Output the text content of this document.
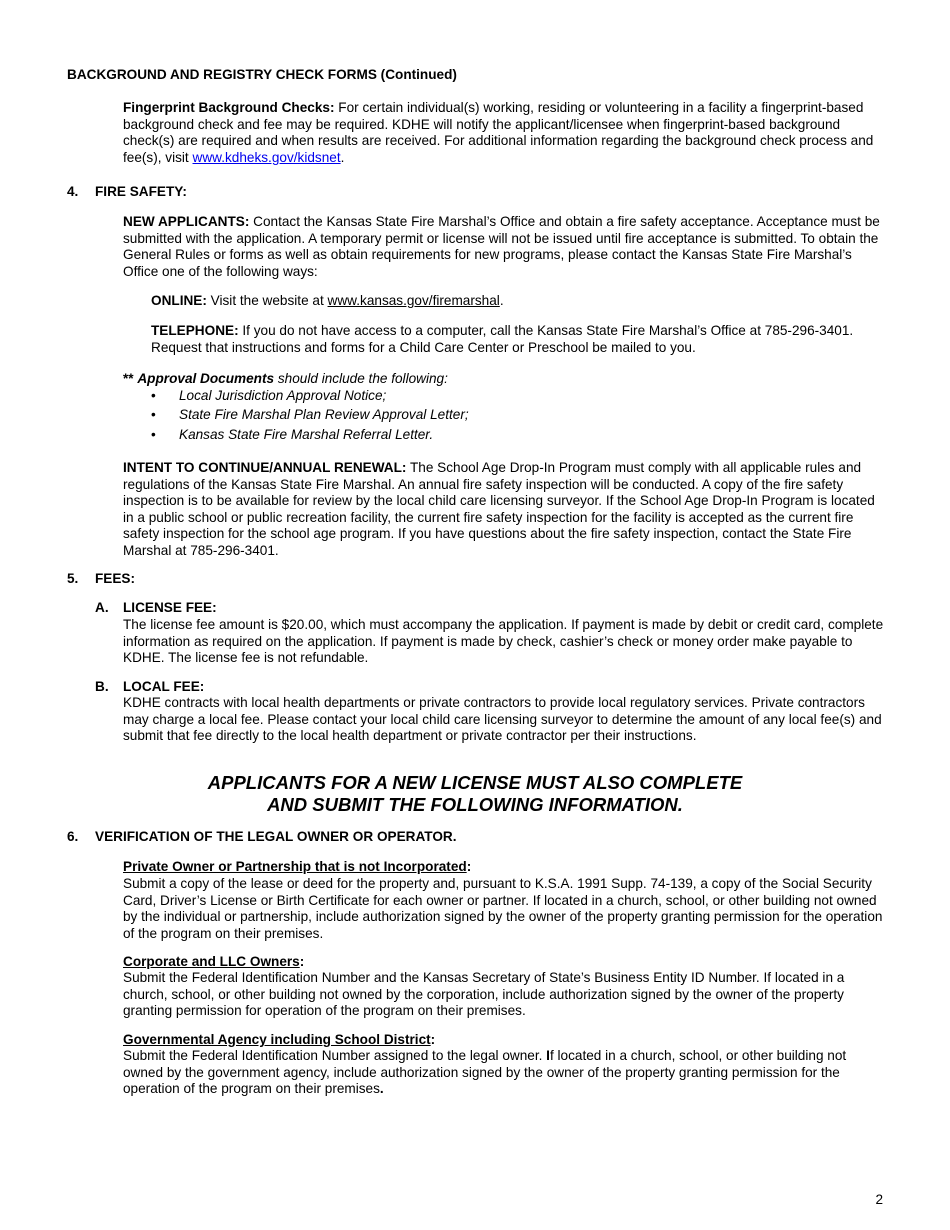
BACKGROUND AND REGISTRY CHECK FORMS (Continued)

Fingerprint Background Checks: For certain individual(s) working, residing or volunteering in a facility a fingerprint-based background check and fee may be required. KDHE will notify the applicant/licensee when fingerprint-based background check(s) are required and when results are received. For additional information regarding the background check process and fee(s), visit www.kdheks.gov/kidsnet.

4. FIRE SAFETY:

NEW APPLICANTS: Contact the Kansas State Fire Marshal’s Office and obtain a fire safety acceptance. Acceptance must be submitted with the application. A temporary permit or license will not be issued until fire acceptance is submitted. To obtain the General Rules or forms as well as obtain requirements for new programs, please contact the Kansas State Fire Marshal’s Office one of the following ways:

ONLINE: Visit the website at www.kansas.gov/firemarshal.

TELEPHONE: If you do not have access to a computer, call the Kansas State Fire Marshal’s Office at 785-296-3401. Request that instructions and forms for a Child Care Center or Preschool be mailed to you.

** Approval Documents should include the following:

• Local Jurisdiction Approval Notice;
• State Fire Marshal Plan Review Approval Letter;
• Kansas State Fire Marshal Referral Letter.

INTENT TO CONTINUE/ANNUAL RENEWAL: The School Age Drop-In Program must comply with all applicable rules and regulations of the Kansas State Fire Marshal. An annual fire safety inspection will be conducted. A copy of the fire safety inspection is to be available for review by the local child care licensing surveyor. If the School Age Drop-In Program is located in a public school or public recreation facility, the current fire safety inspection for the facility is accepted as the current fire safety inspection for the school age program. If you have questions about the fire safety inspection, contact the State Fire Marshal at 785-296-3401.

5. FEES:
A. LICENSE FEE:

The license fee amount is $20.00, which must accompany the application. If payment is made by debit or credit card, complete information as required on the application. If payment is made by check, cashier’s check or money order make payable to KDHE. The license fee is not refundable.

B. LOCAL FEE:

KDHE contracts with local health departments or private contractors to provide local regulatory services. Private contractors may charge a local fee. Please contact your local child care licensing surveyor to determine the amount of any local fee(s) and submit that fee directly to the local health department or private contractor per their instructions.

APPLICANTS FOR A NEW LICENSE MUST ALSO COMPLETE
AND SUBMIT THE FOLLOWING INFORMATION.
6. VERIFICATION OF THE LEGAL OWNER OR OPERATOR.
Private Owner or Partnership that is not Incorporated:

Submit a copy of the lease or deed for the property and, pursuant to K.S.A. 1991 Supp. 74-139, a copy of the Social Security Card, Driver’s License or Birth Certificate for each owner or partner. If located in a church, school, or other building not owned by the individual or partnership, include authorization signed by the owner of the property granting permission for the operation of the program on their premises.

Corporate and LLC Owners:

Submit the Federal Identification Number and the Kansas Secretary of State’s Business Entity ID Number. If located in a church, school, or other building not owned by the corporation, include authorization signed by the owner of the property granting permission for operation of the program on their premises.

Governmental Agency including School District:

Submit the Federal Identification Number assigned to the legal owner. If located in a church, school, or other building not owned by the government agency, include authorization signed by the owner of the property granting permission for the operation of the program on their premises.

2
